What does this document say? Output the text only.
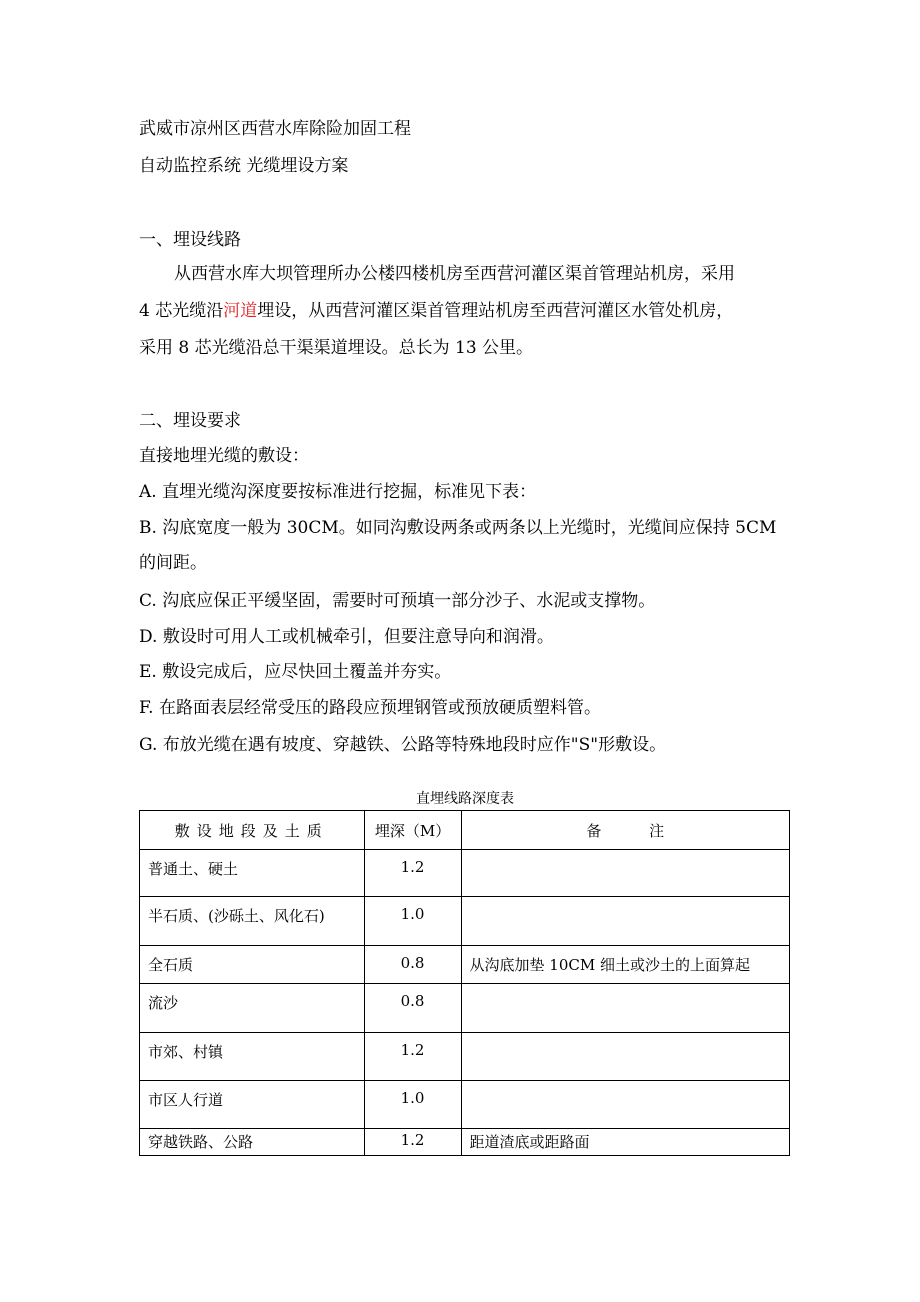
武威市凉州区西营水库除险加固工程
自动监控系统 光缆埋设方案
一、埋设线路
从西营水库大坝管理所办公楼四楼机房至西营河灌区渠首管理站机房，采用
4 芯光缆沿河道埋设，从西营河灌区渠首管理站机房至西营河灌区水管处机房，
采用 8 芯光缆沿总干渠渠道埋设。总长为 13 公里。
二、埋设要求
直接地埋光缆的敷设：
A. 直埋光缆沟深度要按标准进行挖掘，标准见下表：
B. 沟底宽度一般为 30CM。如同沟敷设两条或两条以上光缆时，光缆间应保持 5CM
的间距。
C. 沟底应保正平缓坚固，需要时可预填一部分沙子、水泥或支撑物。
D. 敷设时可用人工或机械牵引，但要注意导向和润滑。
E. 敷设完成后，应尽快回土覆盖并夯实。
F. 在路面表层经常受压的路段应预埋钢管或预放硬质塑料管。
G. 布放光缆在遇有坡度、穿越铁、公路等特殊地段时应作"S"形敷设。
直埋线路深度表
敷设地段及土质	埋深（M）	备          注
普通土、硬土	1.2	
半石质、(沙砾土、风化石)	1.0	
全石质	0.8	从沟底加垫 10CM 细土或沙土的上面算起
流沙	0.8	
市郊、村镇	1.2	
市区人行道	1.0	
穿越铁路、公路	1.2	距道渣底或距路面
